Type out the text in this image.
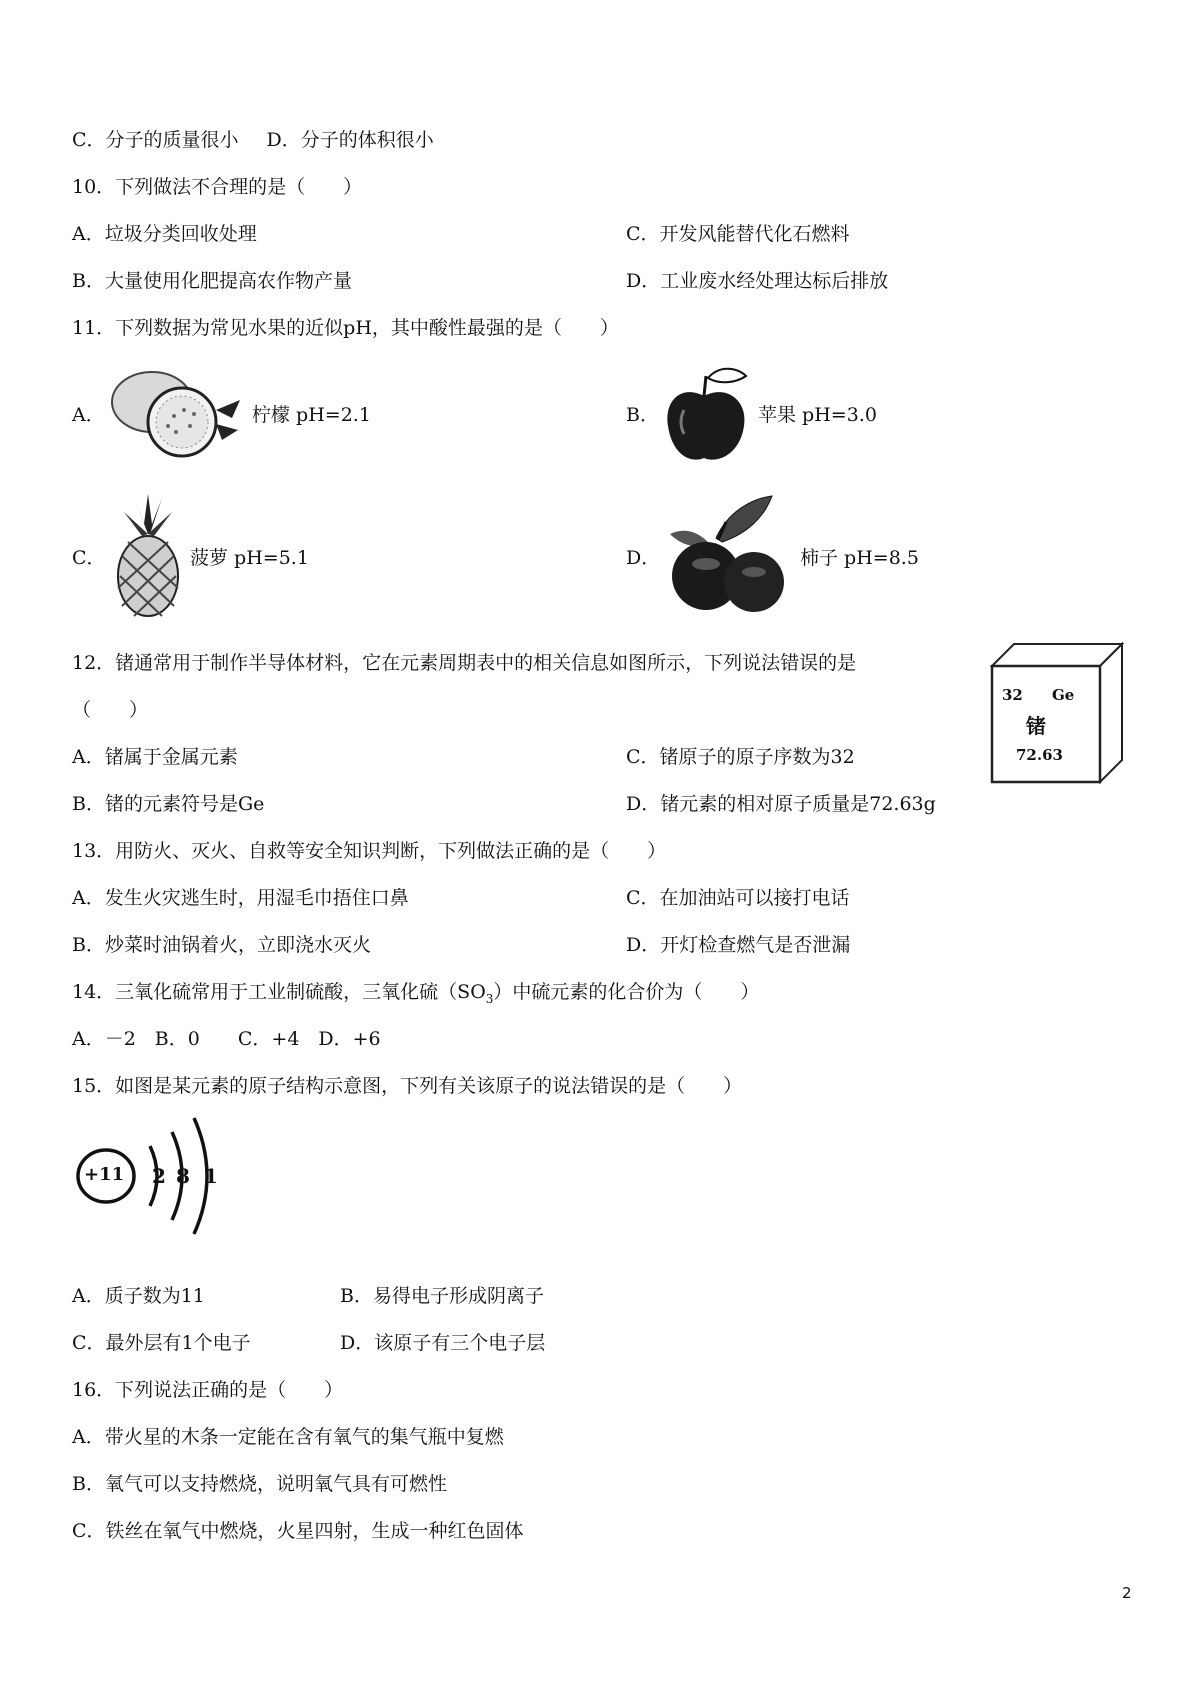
C．分子的质量很小 D．分子的体积很小
10．下列做法不合理的是（　　）
A．垃圾分类回收处理	C．开发风能替代化石燃料
B．大量使用化肥提高农作物产量	D．工业废水经处理达标后排放
11．下列数据为常见水果的近似pH，其中酸性最强的是（　　）
A．	柠檬 pH=2.1	B．	苹果 pH=3.0
C．	菠萝 pH=5.1	D．	柿子 pH=8.5
12．锗通常用于制作半导体材料，它在元素周期表中的相关信息如图所示，下列说法错误的是
（　　）
A．锗属于金属元素	C．锗原子的原子序数为32
B．锗的元素符号是Ge	D．锗元素的相对原子质量是72.63g
32 Ge
锗
72.63
13．用防火、灭火、自救等安全知识判断，下列做法正确的是（　　）
A．发生火灾逃生时，用湿毛巾捂住口鼻	C．在加油站可以接打电话
B．炒菜时油锅着火，立即浇水灭火	D．开灯检查燃气是否泄漏
14．三氧化硫常用于工业制硫酸，三氧化硫$(SO_3)$中硫元素的化合价为（　　）
A．－2　B．0　　C．+4　D．+6
15．如图是某元素的原子结构示意图，下列有关该原子的说法错误的是（　　）
+11 2 8 1
A．质子数为11	B．易得电子形成阴离子
C．最外层有1个电子	D．该原子有三个电子层
16．下列说法正确的是（　　）
A．带火星的木条一定能在含有氧气的集气瓶中复燃
B．氧气可以支持燃烧，说明氧气具有可燃性
C．铁丝在氧气中燃烧，火星四射，生成一种红色固体
2
